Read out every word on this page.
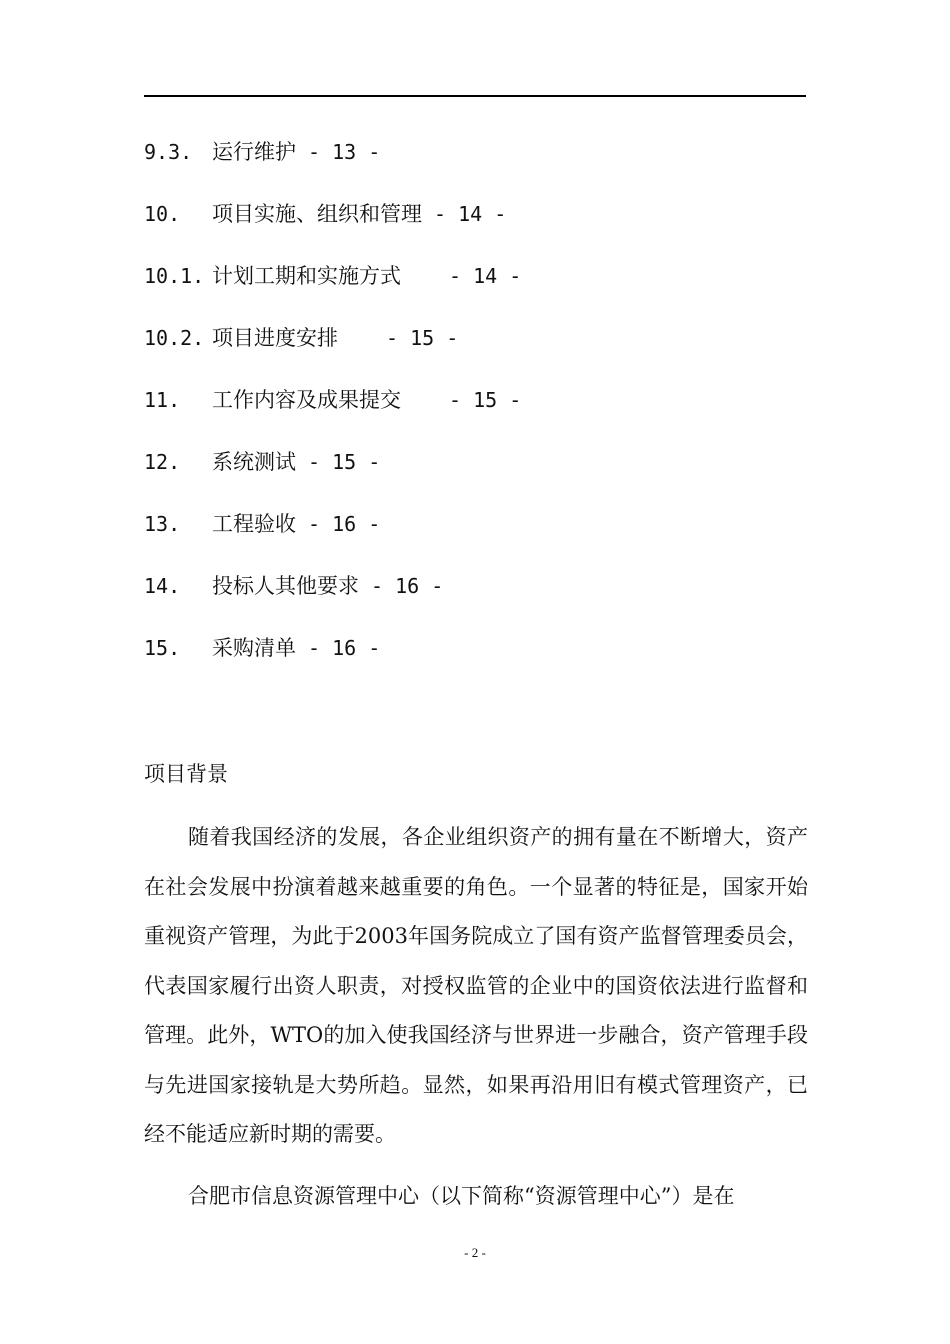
9.3. 运行维护 - 13 -
10. 项目实施、组织和管理 - 14 -
10.1. 计划工期和实施方式 - 14 -
10.2. 项目进度安排 - 15 -
11. 工作内容及成果提交 - 15 -
12. 系统测试 - 15 -
13. 工程验收 - 16 -
14. 投标人其他要求 - 16 -
15. 采购清单 - 16 -
项目背景

随着我国经济的发展，各企业组织资产的拥有量在不断增大，资产在社会发展中扮演着越来越重要的角色。一个显著的特征是，国家开始重视资产管理，为此于2003年国务院成立了国有资产监督管理委员会，代表国家履行出资人职责，对授权监管的企业中的国资依法进行监督和管理。此外，WTO的加入使我国经济与世界进一步融合，资产管理手段与先进国家接轨是大势所趋。显然，如果再沿用旧有模式管理资产，已经不能适应新时期的需要。

合肥市信息资源管理中心（以下简称“资源管理中心”）是在

- 2 -
